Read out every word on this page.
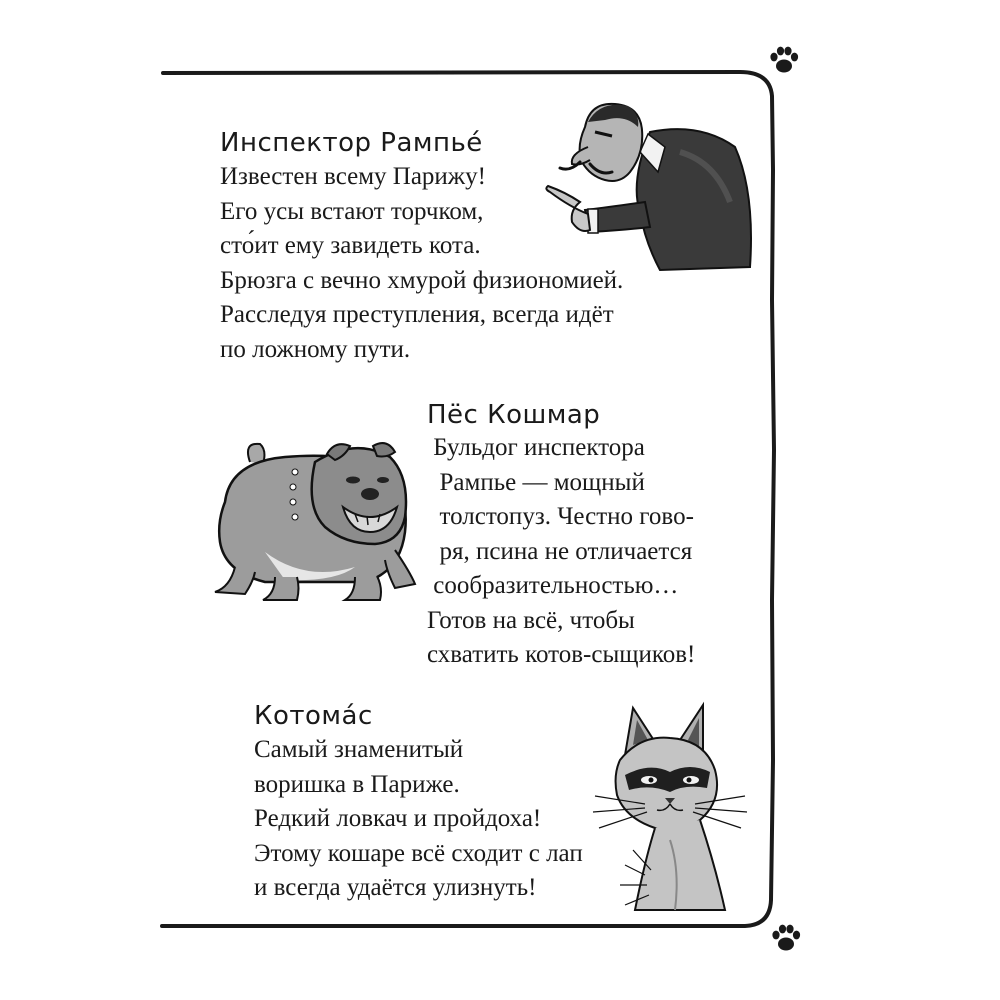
Инспектор Рампье́
Известен всему Парижу!
Его усы встают торчком,
сто́ит ему завидеть кота.
Брюзга с вечно хмурой физиономией.
Расследуя преступления, всегда идёт
по ложному пути.
Пёс Кошмар
Бульдог инспектора
Рампье — мощный
толстопуз. Честно гово-
ря, псина не отличается
сообразительностью…
Готов на всё, чтобы
схватить котов-сыщиков!
Котома́с
Самый знаменитый
воришка в Париже.
Редкий ловкач и пройдоха!
Этому кошаре всё сходит с лап
и всегда удаётся улизнуть!
